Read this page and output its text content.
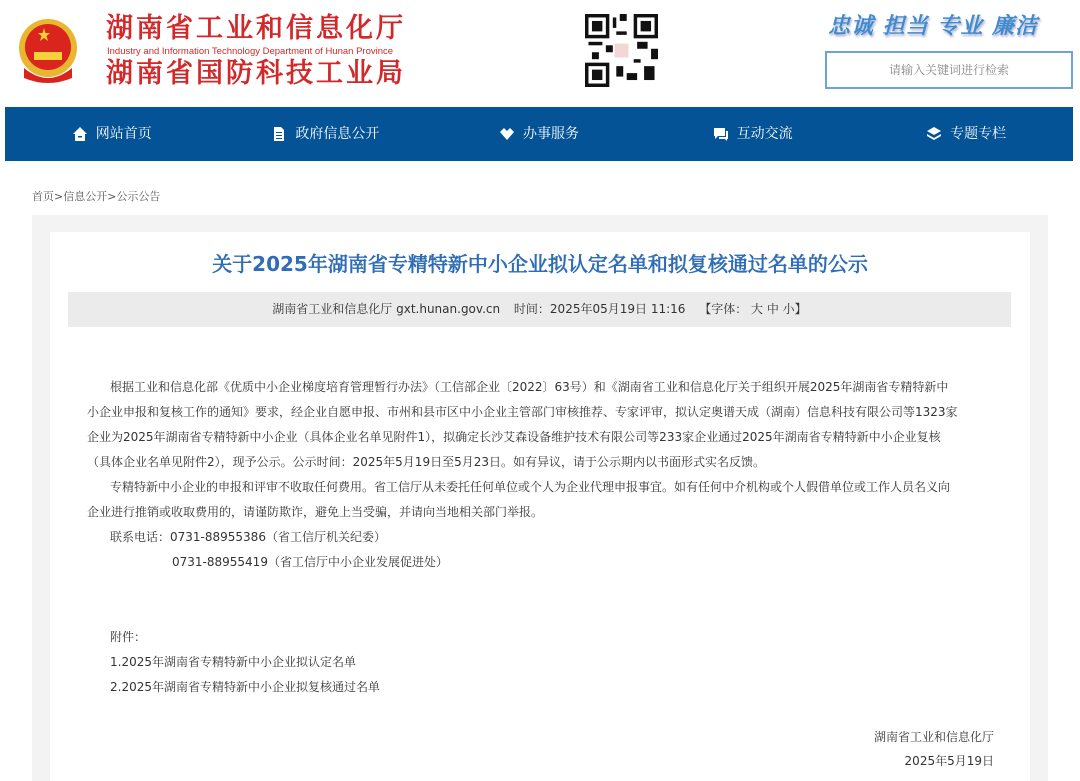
湖南省工业和信息化厅
Industry and Information Technology Department of Hunan Province
湖南省国防科技工业局
忠诚 担当 专业 廉洁
请输入关键词进行检索
网站首页	政府信息公开	办事服务	互动交流	专题专栏
首页>信息公开>公示公告
关于2025年湖南省专精特新中小企业拟认定名单和拟复核通过名单的公示
湖南省工业和信息化厅 gxt.hunan.gov.cn 时间：2025年05月19日 11:16 【字体： 大 中 小】
根据工业和信息化部《优质中小企业梯度培育管理暂行办法》（工信部企业〔2022〕63号）和《湖南省工业和信息化厅关于组织开展2025年湖南省专精特新中
小企业申报和复核工作的通知》要求，经企业自愿申报、市州和县市区中小企业主管部门审核推荐、专家评审，拟认定奥谱天成（湖南）信息科技有限公司等1323家
企业为2025年湖南省专精特新中小企业（具体企业名单见附件1），拟确定长沙艾森设备维护技术有限公司等233家企业通过2025年湖南省专精特新中小企业复核
（具体企业名单见附件2），现予公示。公示时间：2025年5月19日至5月23日。如有异议，请于公示期内以书面形式实名反馈。
专精特新中小企业的申报和评审不收取任何费用。省工信厅从未委托任何单位或个人为企业代理申报事宜。如有任何中介机构或个人假借单位或工作人员名义向
企业进行推销或收取费用的，请谨防欺诈，避免上当受骗，并请向当地相关部门举报。
联系电话：0731-88955386（省工信厅机关纪委）
0731-88955419（省工信厅中小企业发展促进处）
附件：
1.2025年湖南省专精特新中小企业拟认定名单
2.2025年湖南省专精特新中小企业拟复核通过名单
湖南省工业和信息化厅
2025年5月19日
